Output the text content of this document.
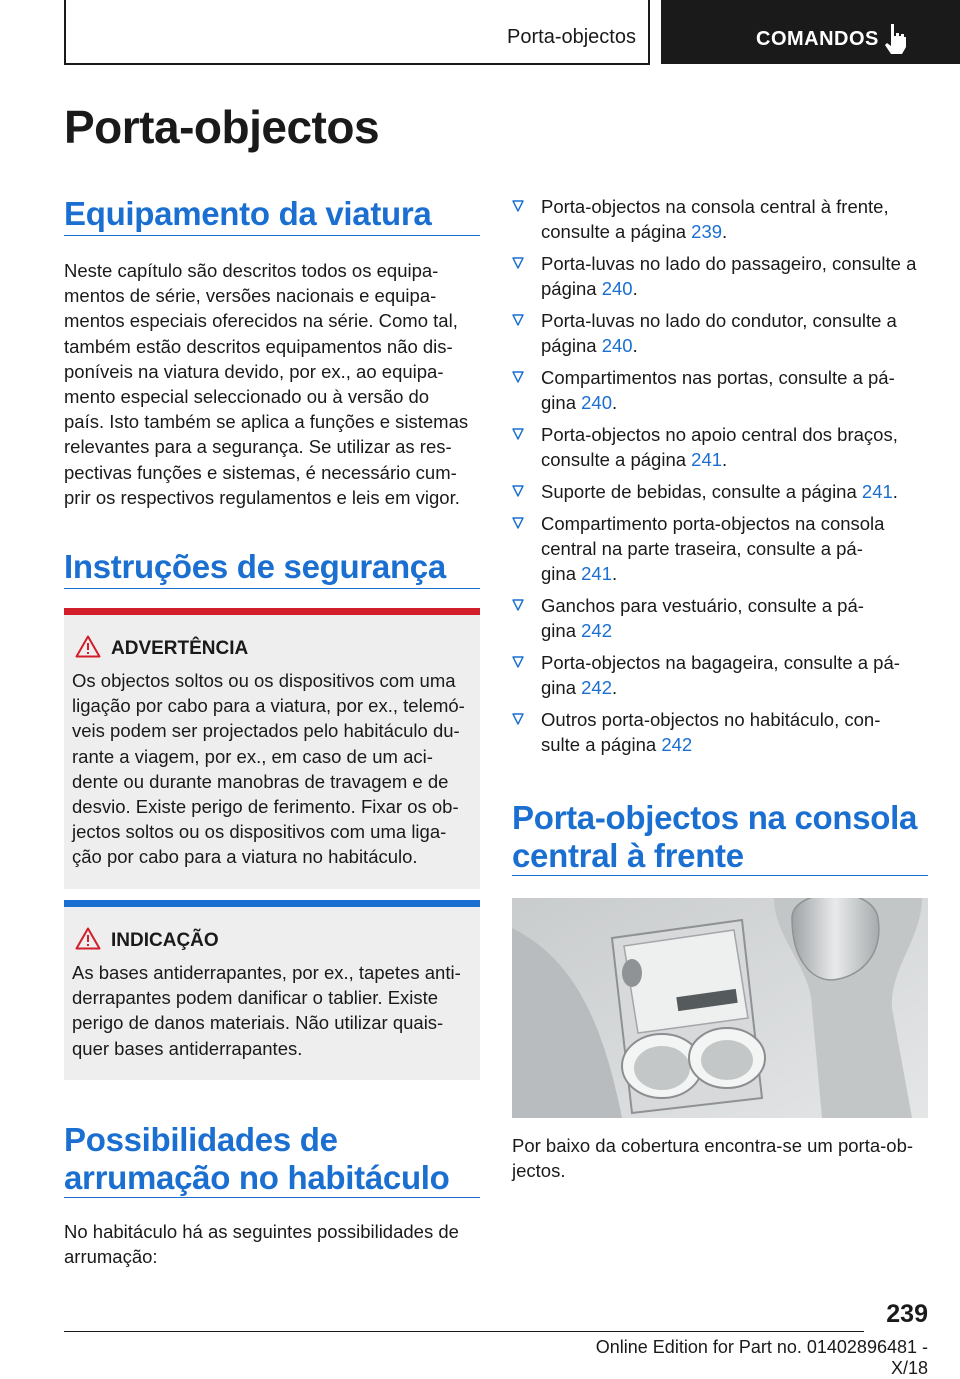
Porta-objectos	COMANDOS
Porta-objectos
Equipamento da viatura
Neste capítulo são descritos todos os equipa-
mentos de série, versões nacionais e equipa-
mentos especiais oferecidos na série. Como tal,
também estão descritos equipamentos não dis-
poníveis na viatura devido, por ex., ao equipa-
mento especial seleccionado ou à versão do
país. Isto também se aplica a funções e sistemas
relevantes para a segurança. Se utilizar as res-
pectivas funções e sistemas, é necessário cum-
prir os respectivos regulamentos e leis em vigor.
Instruções de segurança
ADVERTÊNCIA
Os objectos soltos ou os dispositivos com uma
ligação por cabo para a viatura, por ex., telemó-
veis podem ser projectados pelo habitáculo du-
rante a viagem, por ex., em caso de um aci-
dente ou durante manobras de travagem e de
desvio. Existe perigo de ferimento. Fixar os ob-
jectos soltos ou os dispositivos com uma liga-
ção por cabo para a viatura no habitáculo.
INDICAÇÃO
As bases antiderrapantes, por ex., tapetes anti-
derrapantes podem danificar o tablier. Existe
perigo de danos materiais. Não utilizar quais-
quer bases antiderrapantes.
Possibilidades de
arrumação no habitáculo
No habitáculo há as seguintes possibilidades de
arrumação:
Porta-objectos na consola central à frente,
consulte a página 239.
Porta-luvas no lado do passageiro, consulte a
página 240.
Porta-luvas no lado do condutor, consulte a
página 240.
Compartimentos nas portas, consulte a pá-
gina 240.
Porta-objectos no apoio central dos braços,
consulte a página 241.
Suporte de bebidas, consulte a página 241.
Compartimento porta-objectos na consola
central na parte traseira, consulte a pá-
gina 241.
Ganchos para vestuário, consulte a pá-
gina 242
Porta-objectos na bagageira, consulte a pá-
gina 242.
Outros porta-objectos no habitáculo, con-
sulte a página 242
Porta-objectos na consola
central à frente
Por baixo da cobertura encontra-se um porta-ob-
jectos.
239
Online Edition for Part no. 01402896481 - X/18
